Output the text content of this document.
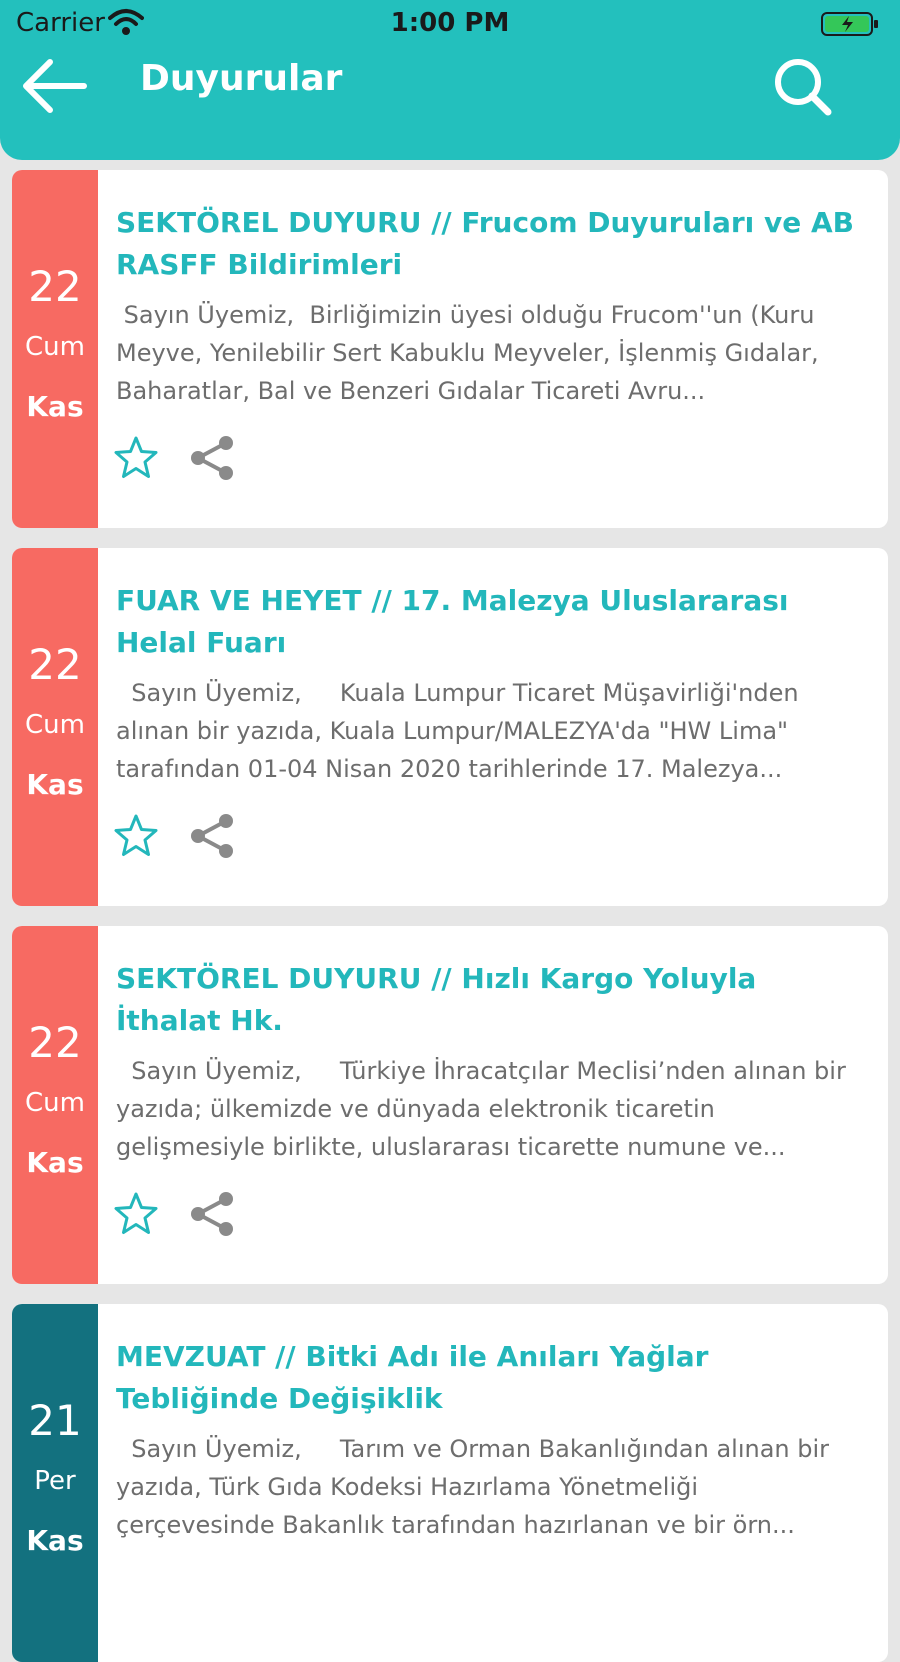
Carrier	1:00 PM
Duyurular
22
Cum
Kas
SEKTÖREL DUYURU // Frucom Duyuruları ve AB RASFF Bildirimleri
Sayın Üyemiz,  Birliğimizin üyesi olduğu Frucom''un (Kuru Meyve, Yenilebilir Sert Kabuklu Meyveler, İşlenmiş Gıdalar, Baharatlar, Bal ve Benzeri Gıdalar Ticareti Avru...
22
Cum
Kas
FUAR VE HEYET // 17. Malezya Uluslararası Helal Fuarı
Sayın Üyemiz,     Kuala Lumpur Ticaret Müşavirliği'nden alınan bir yazıda, Kuala Lumpur/MALEZYA'da "HW Lima" tarafından 01-04 Nisan 2020 tarihlerinde 17. Malezya...
22
Cum
Kas
SEKTÖREL DUYURU // Hızlı Kargo Yoluyla İthalat Hk.
Sayın Üyemiz,     Türkiye İhracatçılar Meclisi’nden alınan bir yazıda; ülkemizde ve dünyada elektronik ticaretin gelişmesiyle birlikte, uluslararası ticarette numune ve...
21
Per
Kas
MEVZUAT // Bitki Adı ile Anıları Yağlar Tebliğinde Değişiklik
Sayın Üyemiz,     Tarım ve Orman Bakanlığından alınan bir yazıda, Türk Gıda Kodeksi Hazırlama Yönetmeliği çerçevesinde Bakanlık tarafından hazırlanan ve bir örn...
